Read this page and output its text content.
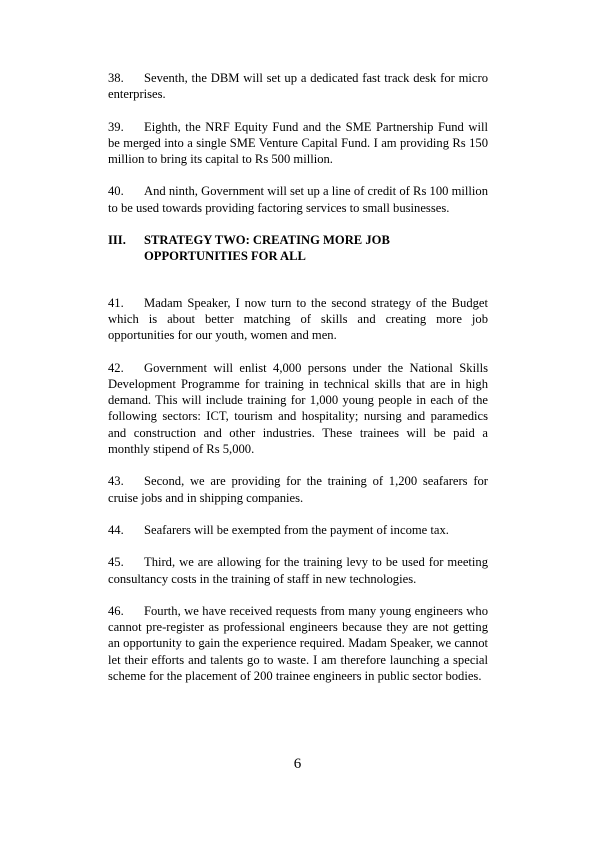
38. Seventh, the DBM will set up a dedicated fast track desk for micro enterprises.

39. Eighth, the NRF Equity Fund and the SME Partnership Fund will be merged into a single SME Venture Capital Fund. I am providing Rs 150 million to bring its capital to Rs 500 million.

40. And ninth, Government will set up a line of credit of Rs 100 million to be used towards providing factoring services to small businesses.

III.	STRATEGY TWO: CREATING MORE JOB OPPORTUNITIES FOR ALL

41. Madam Speaker, I now turn to the second strategy of the Budget which is about better matching of skills and creating more job opportunities for our youth, women and men.

42. Government will enlist 4,000 persons under the National Skills Development Programme for training in technical skills that are in high demand. This will include training for 1,000 young people in each of the following sectors: ICT, tourism and hospitality; nursing and paramedics and construction and other industries. These trainees will be paid a monthly stipend of Rs 5,000.

43. Second, we are providing for the training of 1,200 seafarers for cruise jobs and in shipping companies.

44. Seafarers will be exempted from the payment of income tax.

45. Third, we are allowing for the training levy to be used for meeting consultancy costs in the training of staff in new technologies.

46. Fourth, we have received requests from many young engineers who cannot pre-register as professional engineers because they are not getting an opportunity to gain the experience required. Madam Speaker, we cannot let their efforts and talents go to waste. I am therefore launching a special scheme for the placement of 200 trainee engineers in public sector bodies.

6
